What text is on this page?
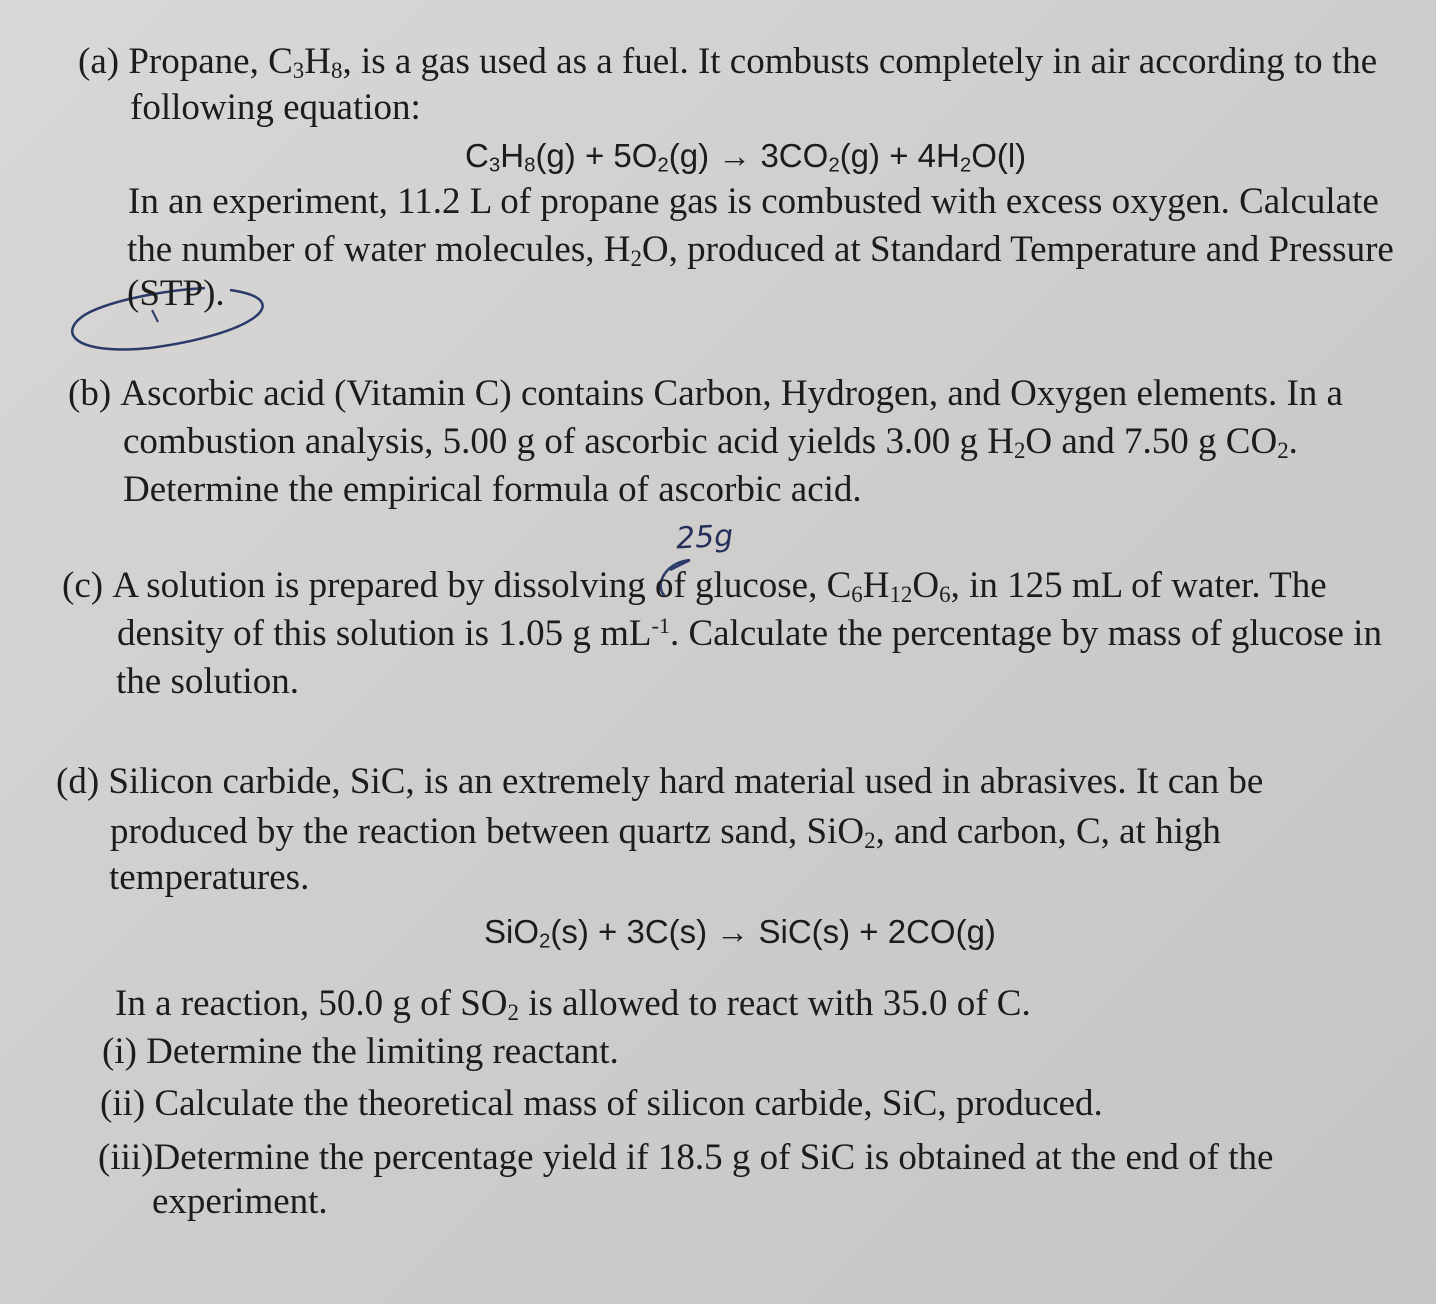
(a) Propane, $C_3H_8$, is a gas used as a fuel. It combusts completely in air according to the
following equation:
$C_3H_8(g) + 5O_2(g) \to 3CO_2(g) + 4H_2O(l)$
In an experiment, 11.2 L of propane gas is combusted with excess oxygen. Calculate
the number of water molecules, $H_2O$, produced at Standard Temperature and Pressure
(STP).
(b) Ascorbic acid (Vitamin C) contains Carbon, Hydrogen, and Oxygen elements. In a
combustion analysis, 5.00 g of ascorbic acid yields 3.00 g $H_2O$ and 7.50 g $CO_2$.
Determine the empirical formula of ascorbic acid.
25g
(c) A solution is prepared by dissolving of glucose, $C_6H_{12}O_6$, in 125 mL of water. The
density of this solution is 1.05 g $mL^{-1}$. Calculate the percentage by mass of glucose in
the solution.
(d) Silicon carbide, SiC, is an extremely hard material used in abrasives. It can be
produced by the reaction between quartz sand, SiO$_2$, and carbon, C, at high
temperatures.
SiO$_2$(s) + 3C(s) → SiC(s) + 2CO(g)
In a reaction, 50.0 g of $SO_2$ is allowed to react with 35.0 of C.
(i) Determine the limiting reactant.
(ii) Calculate the theoretical mass of silicon carbide, SiC, produced.
(iii)Determine the percentage yield if 18.5 g of SiC is obtained at the end of the
experiment.
